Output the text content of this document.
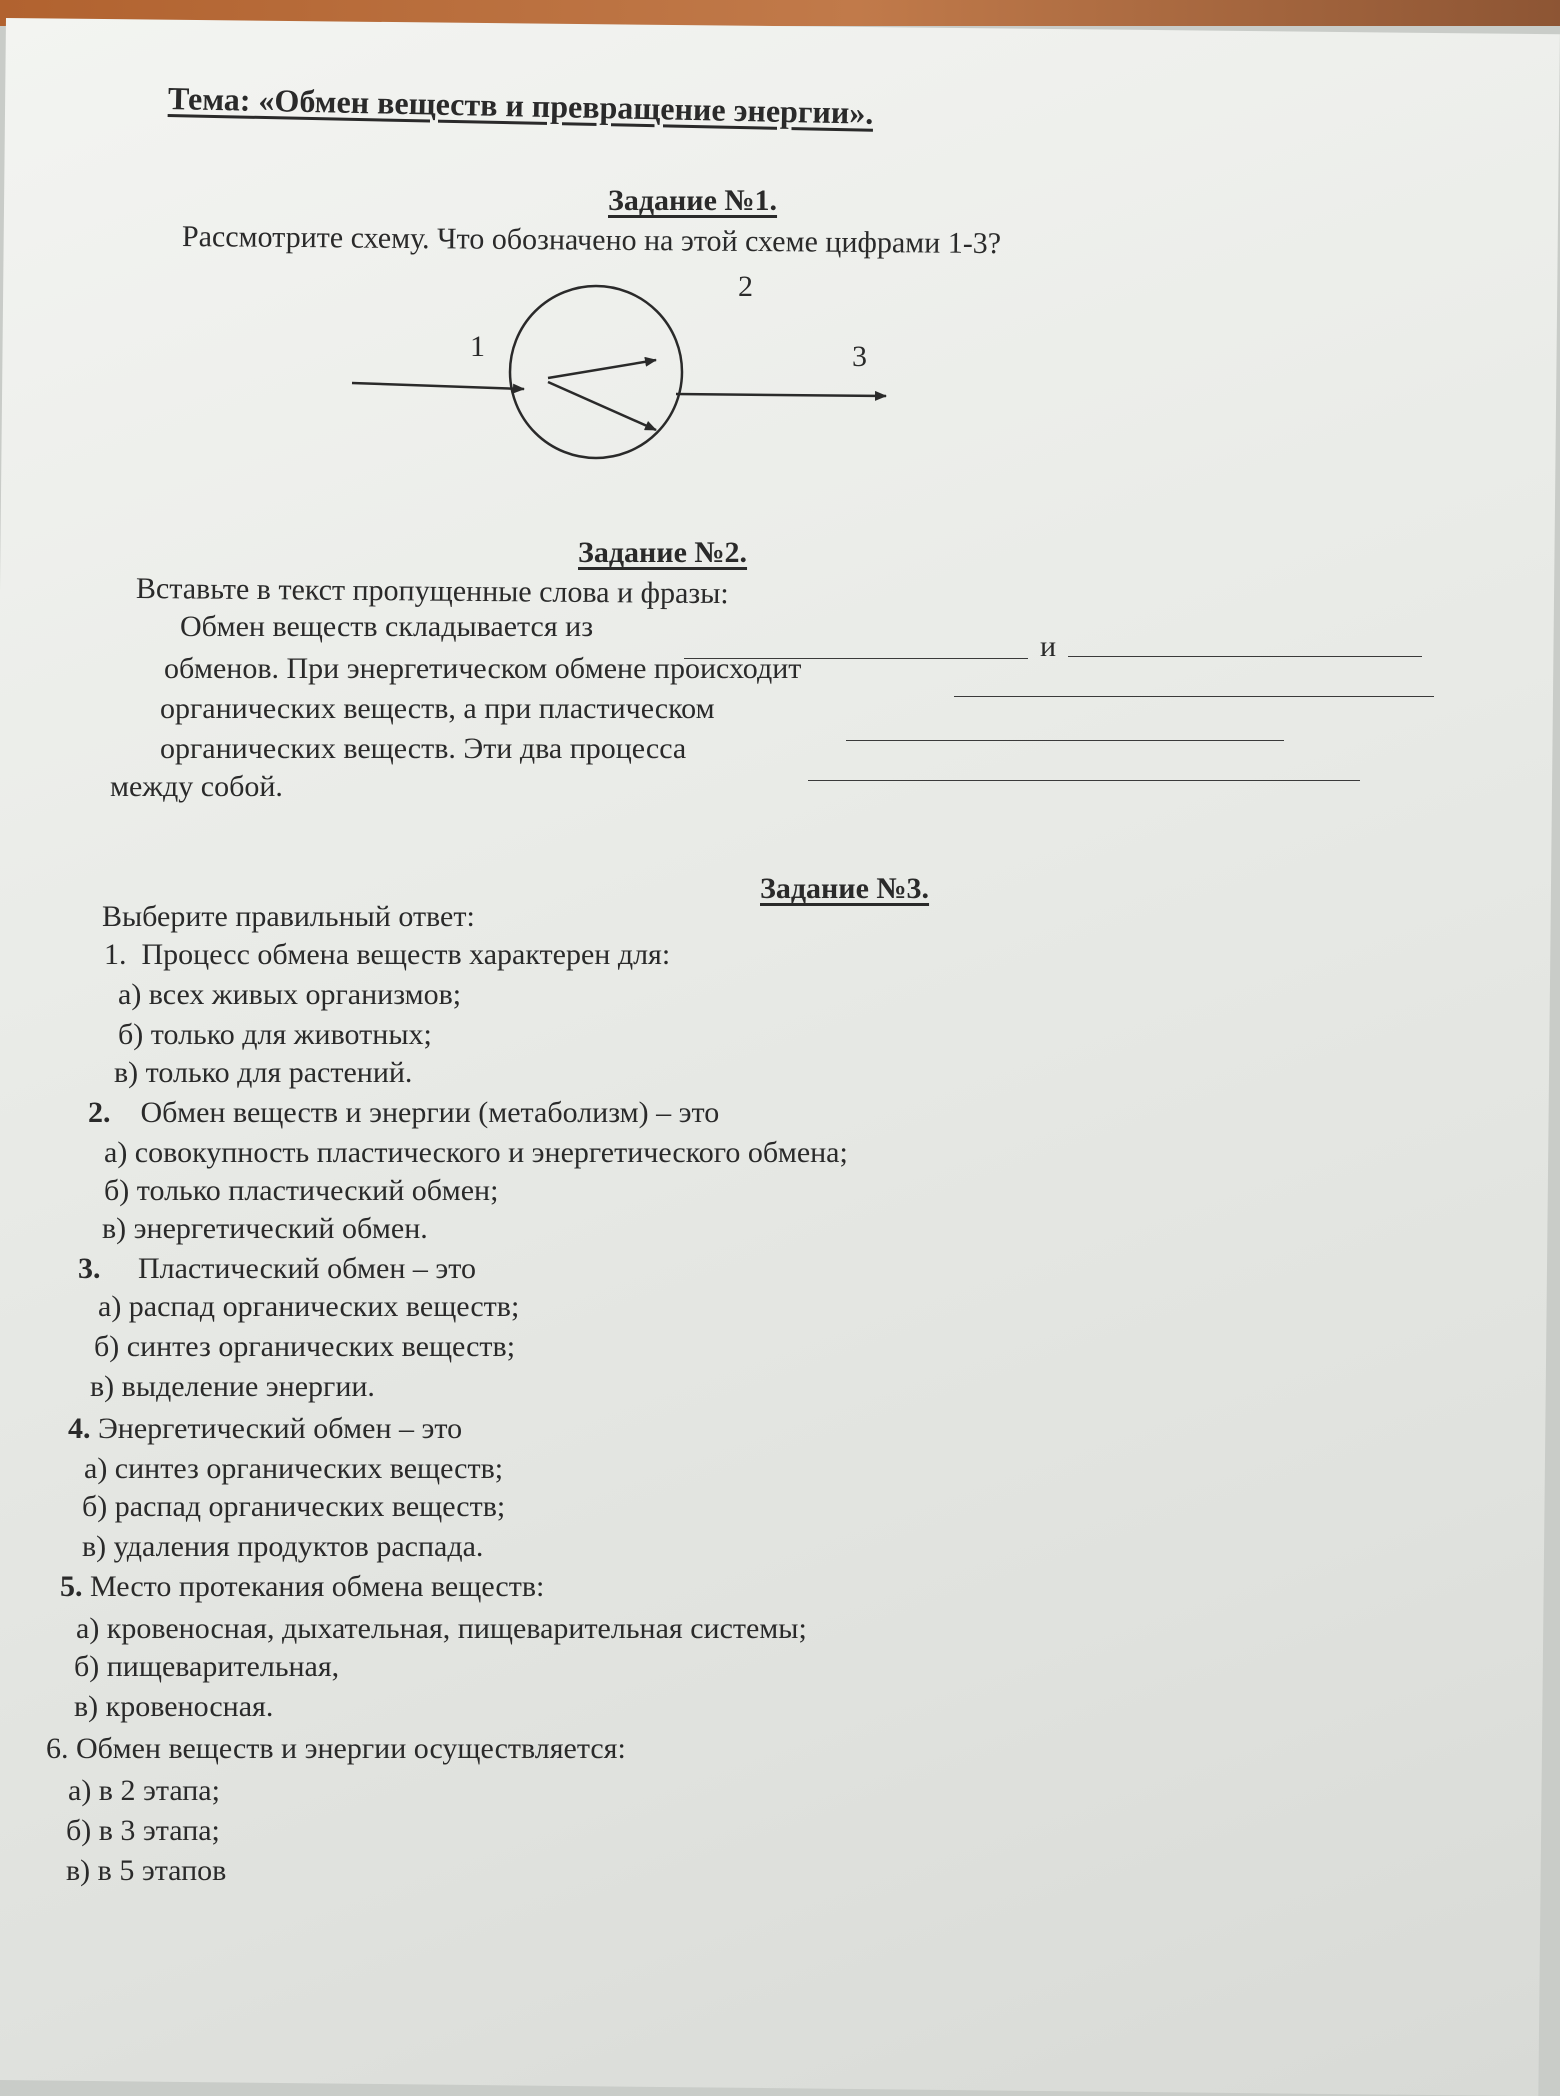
Тема: «Обмен веществ и превращение энергии».
Задание №1.
Рассмотрите схему. Что обозначено на этой схеме цифрами 1-3?
1
2
3
Задание №2.
Вставьте в текст пропущенные слова и фразы:
Обмен веществ складывается из
и
обменов. При энергетическом обмене происходит
органических веществ, а при пластическом
органических веществ. Эти два процесса
между собой.
Задание №3.
Выберите правильный ответ:
1. Процесс обмена веществ характерен для:
а) всех живых организмов;
б) только для животных;
в) только для растений.
2. Обмен веществ и энергии (метаболизм) – это
а) совокупность пластического и энергетического обмена;
б) только пластический обмен;
в) энергетический обмен.
3. Пластический обмен – это
а) распад органических веществ;
б) синтез органических веществ;
в) выделение энергии.
4. Энергетический обмен – это
а) синтез органических веществ;
б) распад органических веществ;
в) удаления продуктов распада.
5. Место протекания обмена веществ:
а) кровеносная, дыхательная, пищеварительная системы;
б) пищеварительная,
в) кровеносная.
6. Обмен веществ и энергии осуществляется:
а) в 2 этапа;
б) в 3 этапа;
в) в 5 этапов
